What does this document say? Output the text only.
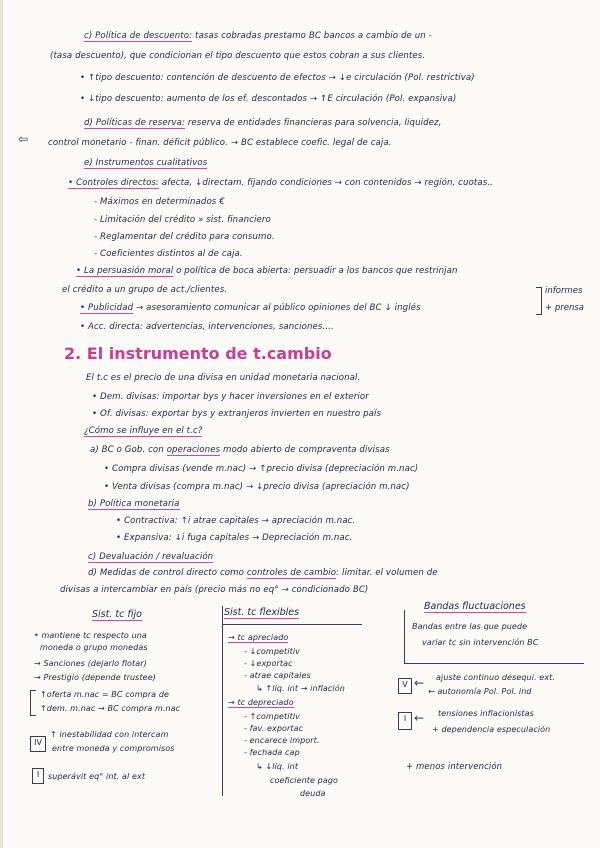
c) Política de descuento: tasas cobradas prestamo BC bancos a cambio de un -
(tasa descuento), que condicionan el tipo descuento que estos cobran a sus clientes.
• ↑tipo descuento: contención de descuento de efectos → ↓e circulación (Pol. restrictiva)
• ↓tipo descuento: aumento de los ef. descontados → ↑E circulación (Pol. expansiva)
d) Políticas de reserva: reserva de entidades financieras para solvencia, liquidez,
⇦ control monetario - finan. déficit público. → BC establece coefic. legal de caja.
e) Instrumentos cualitativos
• Controles directos: afecta, ↓directam. fijando condiciones → con contenidos → región, cuotas..
- Máximos en determinados €
- Limitación del crédito » sist. financiero
- Reglamentar del crédito para consumo.
- Coeficientes distintos al de caja.
• La persuasión moral o política de boca abierta: persuadir a los bancos que restrinjan
el crédito a un grupo de act./clientes.
• Publicidad → asesoramiento comunicar al público opiniones del BC ↓ inglés
informes
+ prensa
• Acc. directa: advertencias, intervenciones, sanciones....
2. El instrumento de t.cambio
El t.c es el precio de una divisa en unidad monetaria nacional.
• Dem. divisas: importar bys y hacer inversiones en el exterior
• Of. divisas: exportar bys y extranjeros invierten en nuestro país
¿Cómo se influye en el t.c?
a) BC o Gob. con operaciones modo abierto de compraventa divisas
• Compra divisas (vende m.nac) → ↑precio divisa (depreciación m.nac)
• Venta divisas (compra m.nac) → ↓precio divisa (apreciación m.nac)
b) Política monetaria
• Contractiva: ↑i atrae capitales → apreciación m.nac.
• Expansiva: ↓i fuga capitales → Depreciación m.nac.
c) Devaluación / revaluación
d) Medidas de control directo como controles de cambio: limitar. el volumen de
divisas a intercambiar en país (precio más no eq° → condicionado BC)
Sist. tc fijo	Sist. tc flexibles
Bandas fluctuaciones
• mantiene tc respecto una
moneda o grupo monedas
→ Sanciones (dejarlo flotar)
→ Prestigio (depende trustee)
↑oferta m.nac = BC compra de
↑dem. m.nac → BC compra m.nac
IV
↑ inestabilidad con intercam
entre moneda y compromisos
I	superávit eq° int. al ext
→ tc apreciado
- ↓competitiv
- ↓exportac
- atrae capitales
↳ ↑liq. int → inflación
→ tc depreciado
- ↑competitiv
- fav. exportac
- encarece import.
- fechada cap
↳ ↓liq. int
coeficiente pago
deuda
Bandas entre las que puede
variar tc sin intervención BC
V ← ajuste continuo desequi. ext.
← autonomía Pol. Pol. ind
I ← tensiones inflacionistas
+ dependencia especulación
+ menos intervención
